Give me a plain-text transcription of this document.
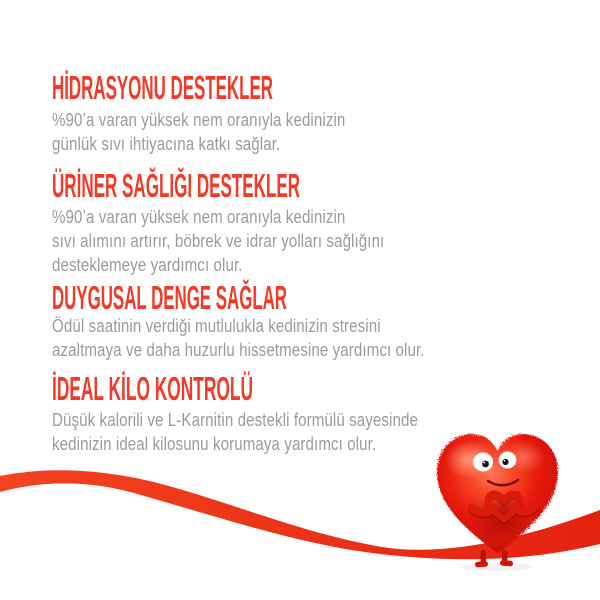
HİDRASYONU DESTEKLER
%90’a varan yüksek nem oranıyla kedinizin
günlük sıvı ihtiyacına katkı sağlar.
ÜRİNER SAĞLIĞI DESTEKLER
%90’a varan yüksek nem oranıyla kedinizin
sıvı alımını artırır, böbrek ve idrar yolları sağlığını
desteklemeye yardımcı olur.
DUYGUSAL DENGE SAĞLAR
Ödül saatinin verdiği mutlulukla kedinizin stresini
azaltmaya ve daha huzurlu hissetmesine yardımcı olur.
İDEAL KİLO KONTROLÜ
Düşük kalorili ve L-Karnitin destekli formülü sayesinde
kedinizin ideal kilosunu korumaya yardımcı olur.
